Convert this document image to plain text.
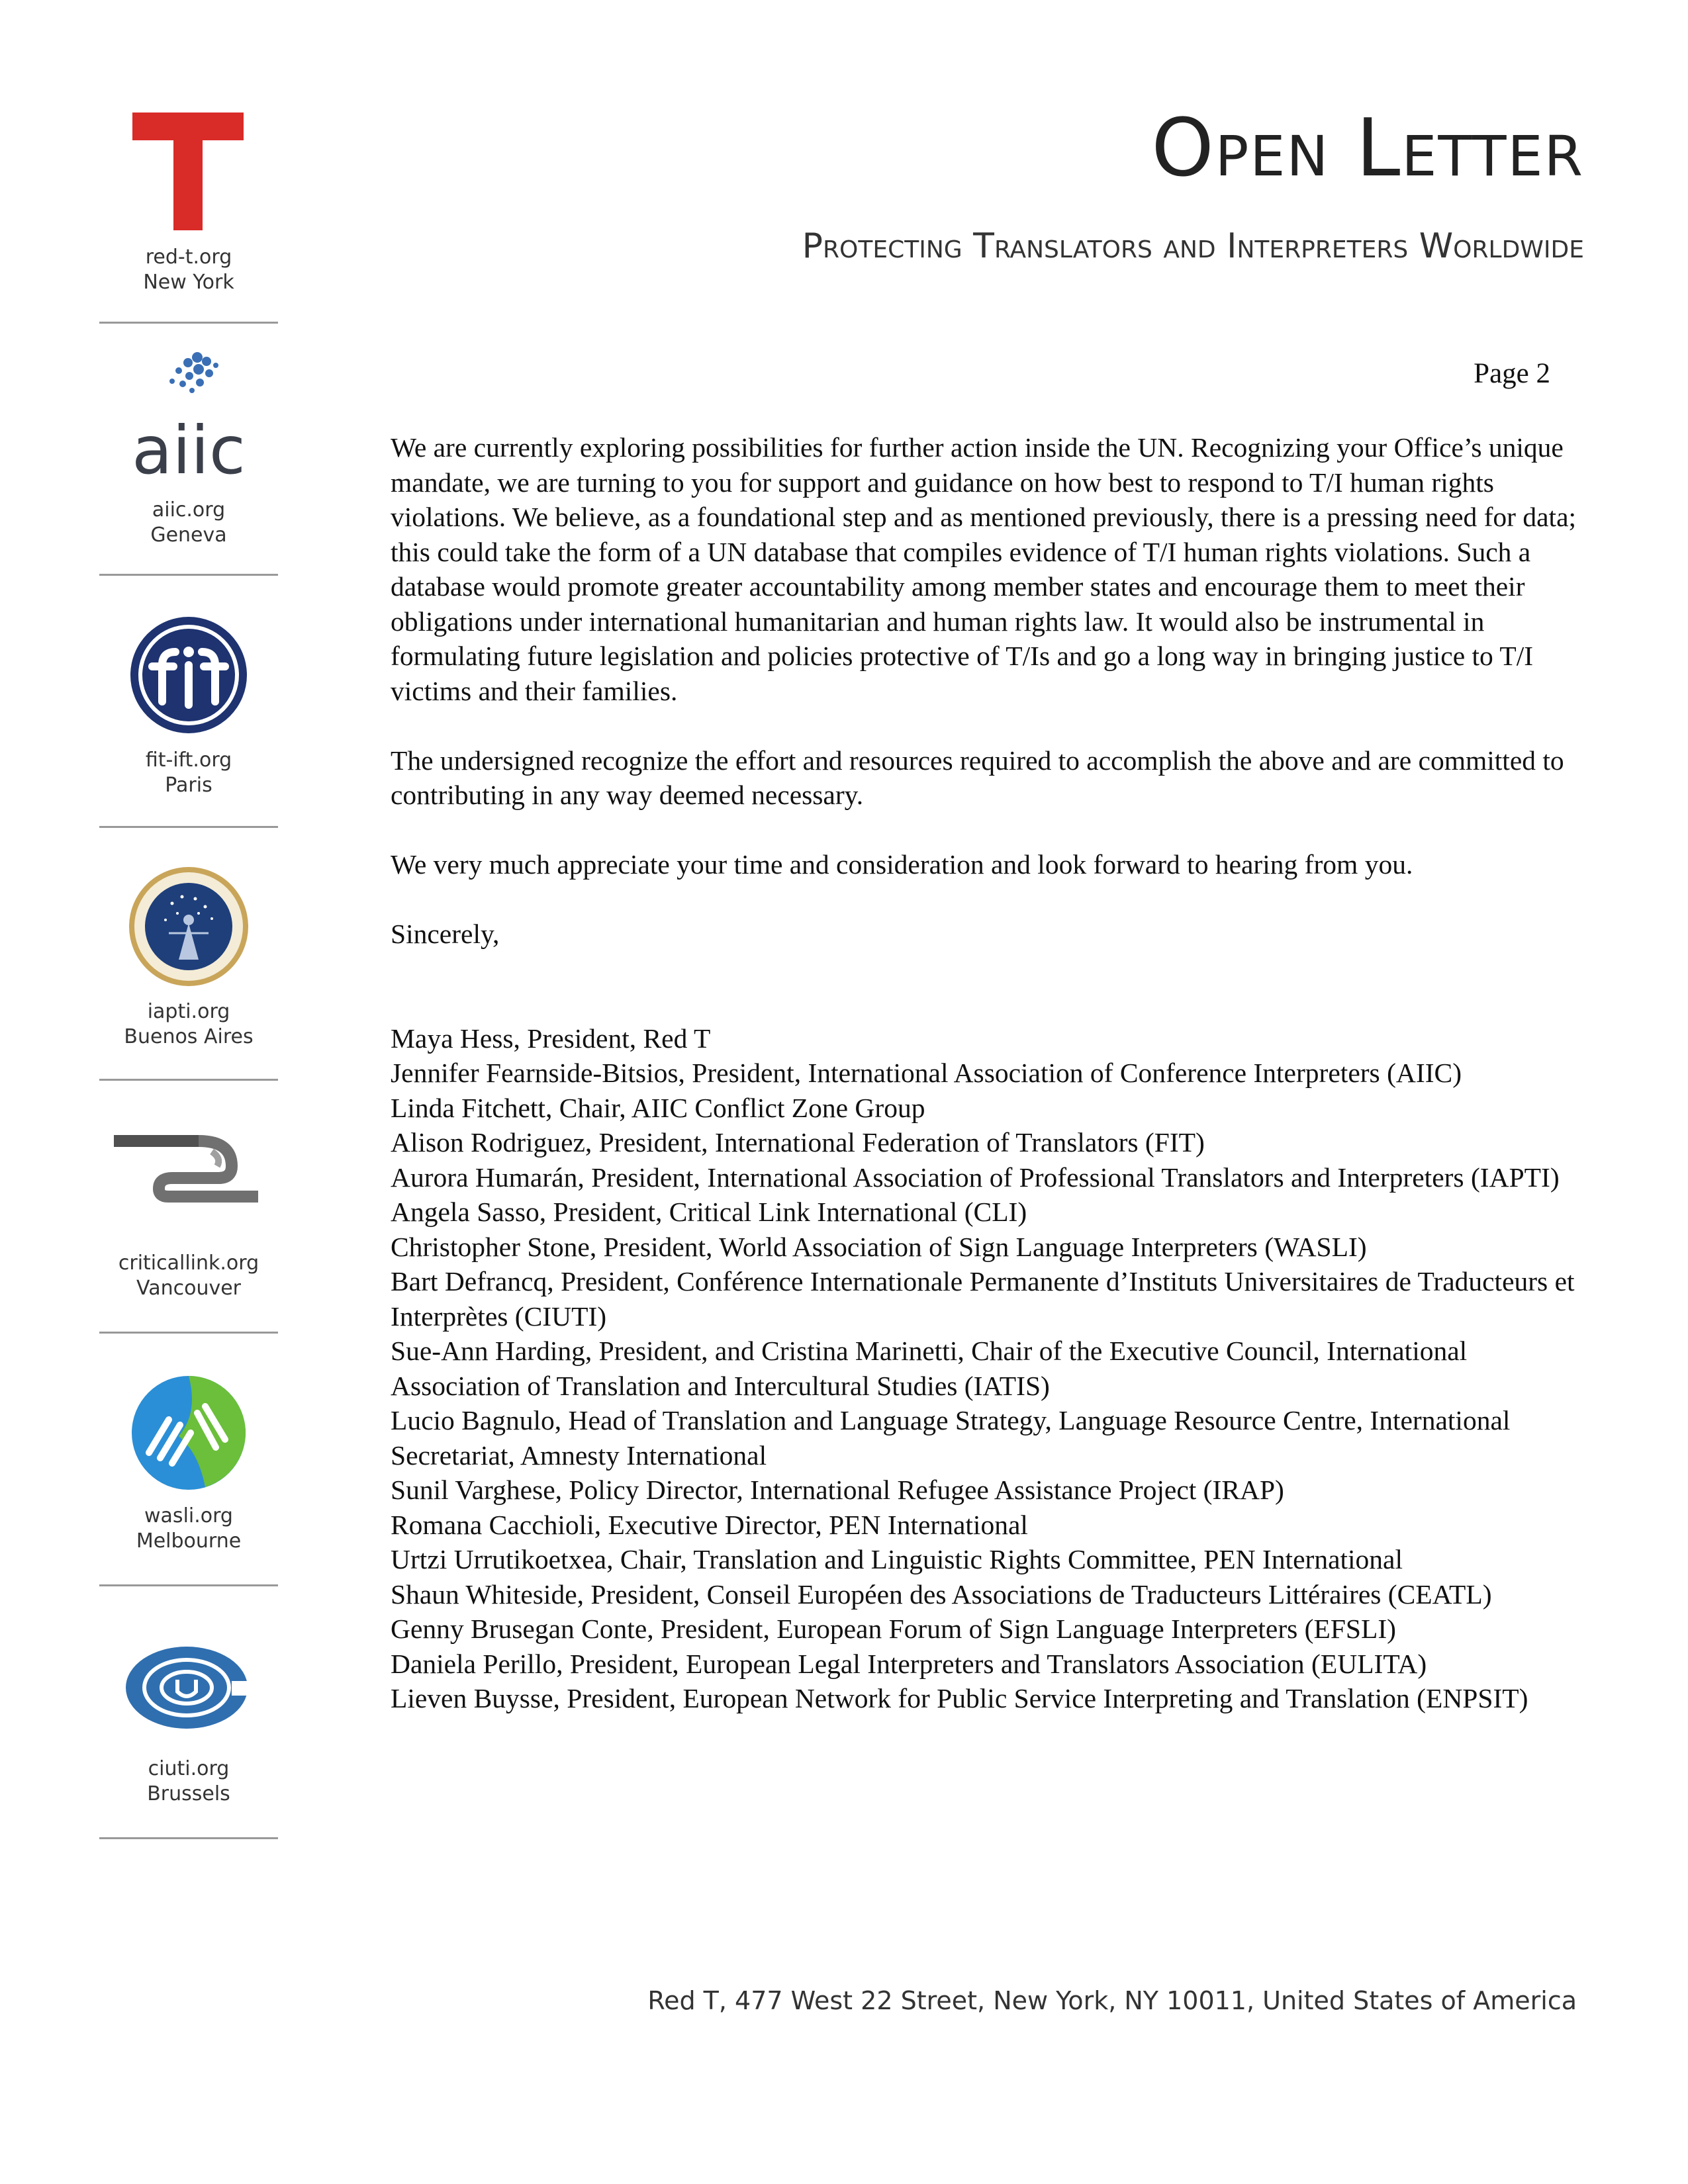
red-t.org
New York
aiic
aiic.org
Geneva
fit-ift.org
Paris
iapti.org
Buenos Aires
criticallink.org
Vancouver
wasli.org
Melbourne
ciuti.org
Brussels
Open Letter
Protecting Translators and Interpreters Worldwide
Page 2

We are currently exploring possibilities for further action inside the UN. Recognizing your Office’s unique mandate, we are turning to you for support and guidance on how best to respond to T/I human rights violations. We believe, as a foundational step and as mentioned previously, there is a pressing need for data; this could take the form of a UN database that compiles evidence of T/I human rights violations. Such a database would promote greater accountability among member states and encourage them to meet their obligations under international humanitarian and human rights law. It would also be instrumental in formulating future legislation and policies protective of T/Is and go a long way in bringing justice to T/I victims and their families.

The undersigned recognize the effort and resources required to accomplish the above and are committed to contributing in any way deemed necessary.

We very much appreciate your time and consideration and look forward to hearing from you.

Sincerely,

Maya Hess, President, Red T
Jennifer Fearnside-Bitsios, President, International Association of Conference Interpreters (AIIC)
Linda Fitchett, Chair, AIIC Conflict Zone Group
Alison Rodriguez, President, International Federation of Translators (FIT)
Aurora Humarán, President, International Association of Professional Translators and Interpreters (IAPTI)
Angela Sasso, President, Critical Link International (CLI)
Christopher Stone, President, World Association of Sign Language Interpreters (WASLI)
Bart Defrancq, President, Conférence Internationale Permanente d’Instituts Universitaires de Traducteurs et Interprètes (CIUTI)
Sue-Ann Harding, President, and Cristina Marinetti, Chair of the Executive Council, International Association of Translation and Intercultural Studies (IATIS)
Lucio Bagnulo, Head of Translation and Language Strategy, Language Resource Centre, International Secretariat, Amnesty International
Sunil Varghese, Policy Director, International Refugee Assistance Project (IRAP)
Romana Cacchioli, Executive Director, PEN International
Urtzi Urrutikoetxea, Chair, Translation and Linguistic Rights Committee, PEN International
Shaun Whiteside, President, Conseil Européen des Associations de Traducteurs Littéraires (CEATL)
Genny Brusegan Conte, President, European Forum of Sign Language Interpreters (EFSLI)
Daniela Perillo, President, European Legal Interpreters and Translators Association (EULITA)
Lieven Buysse, President, European Network for Public Service Interpreting and Translation (ENPSIT)
Red T, 477 West 22 Street, New York, NY 10011, United States of America
